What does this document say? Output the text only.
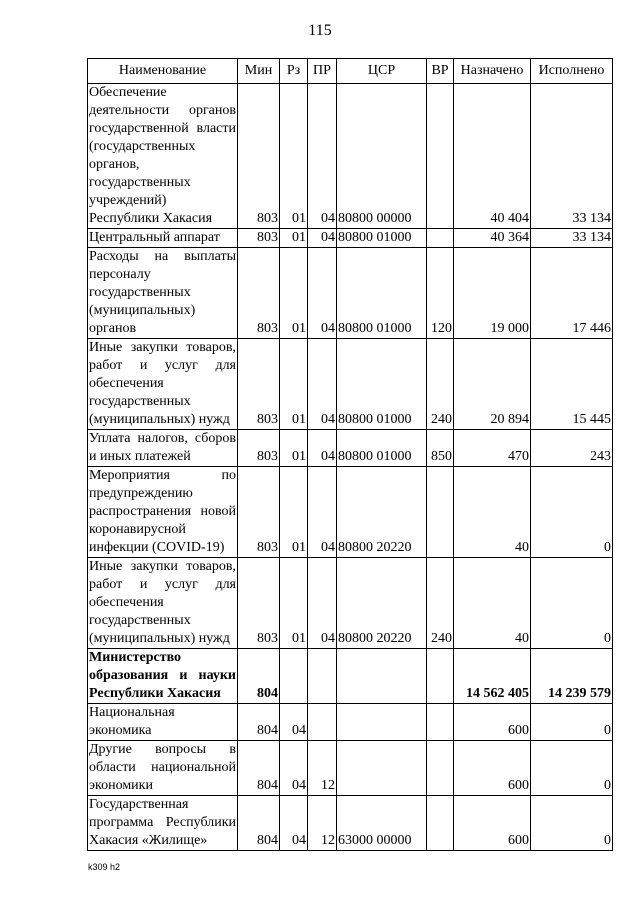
115
Наименование	Мин	Рз	ПР	ЦСР	ВР	Назначено	Исполнено
Обеспечение деятельности органов государственной власти (государственных органов, государственных учреждений) Республики Хакасия	803	01	04	80800 00000		40 404	33 134
Центральный аппарат	803	01	04	80800 01000		40 364	33 134
Расходы на выплаты персоналу государственных (муниципальных) органов	803	01	04	80800 01000	120	19 000	17 446
Иные закупки товаров, работ и услуг для обеспечения государственных (муниципальных) нужд	803	01	04	80800 01000	240	20 894	15 445
Уплата налогов, сборов и иных платежей	803	01	04	80800 01000	850	470	243
Мероприятия по предупреждению распространения новой коронавирусной инфекции (COVID-19)	803	01	04	80800 20220		40	0
Иные закупки товаров, работ и услуг для обеспечения государственных (муниципальных) нужд	803	01	04	80800 20220	240	40	0
Министерство образования и науки Республики Хакасия	804					14 562 405	14 239 579
Национальная экономика	804	04				600	0
Другие вопросы в области национальной экономики	804	04	12			600	0
Государственная программа Республики Хакасия «Жилище»	804	04	12	63000 00000		600	0
k309 h2
